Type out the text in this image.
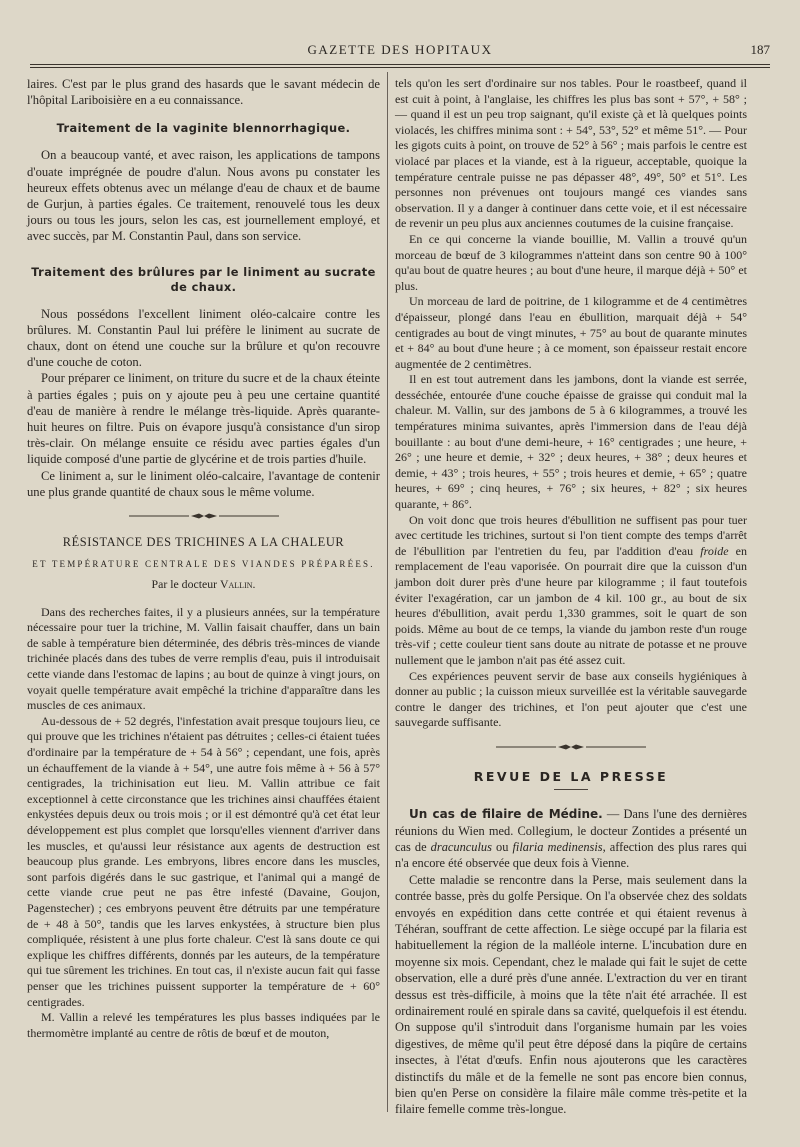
GAZETTE DES HOPITAUX	187

laires. C'est par le plus grand des hasards que le savant médecin de l'hôpital Lariboisière en a eu connaissance.

Traitement de la vaginite blennorrhagique.

On a beaucoup vanté, et avec raison, les applications de tampons d'ouate imprégnée de poudre d'alun. Nous avons pu constater les heureux effets obtenus avec un mélange d'eau de chaux et de baume de Gurjun, à parties égales. Ce traitement, renouvelé tous les deux jours ou tous les jours, selon les cas, est journellement employé, et avec succès, par M. Constantin Paul, dans son service.

Traitement des brûlures par le liniment au sucrate de chaux.

Nous possédons l'excellent liniment oléo-calcaire contre les brûlures. M. Constantin Paul lui préfère le liniment au sucrate de chaux, dont on étend une couche sur la brûlure et qu'on recouvre d'une couche de coton.

Pour préparer ce liniment, on triture du sucre et de la chaux éteinte à parties égales ; puis on y ajoute peu à peu une certaine quantité d'eau de manière à rendre le mélange très-liquide. Après quarante-huit heures on filtre. Puis on évapore jusqu'à consistance d'un sirop très-clair. On mélange ensuite ce résidu avec parties égales d'un liquide composé d'une partie de glycérine et de trois parties d'huile.

Ce liniment a, sur le liniment oléo-calcaire, l'avantage de contenir une plus grande quantité de chaux sous le même volume.

RÉSISTANCE DES TRICHINES A LA CHALEUR
ET TEMPÉRATURE CENTRALE DES VIANDES PRÉPARÉES.
Par le docteur Vallin.

Dans des recherches faites, il y a plusieurs années, sur la température nécessaire pour tuer la trichine, M. Vallin faisait chauffer, dans un bain de sable à température bien déterminée, des débris très-minces de viande trichinée placés dans des tubes de verre remplis d'eau, puis il introduisait cette viande dans l'estomac de lapins ; au bout de quinze à vingt jours, on voyait quelle température avait empêché la trichine d'apparaître dans les muscles de ces animaux.

Au-dessous de + 52 degrés, l'infestation avait presque toujours lieu, ce qui prouve que les trichines n'étaient pas détruites ; celles-ci étaient tuées d'ordinaire par la température de + 54 à 56° ; cependant, une fois, après un échauffement de la viande à + 54°, une autre fois même à + 56 à 57° centigrades, la trichinisation eut lieu. M. Vallin attribue ce fait exceptionnel à cette circonstance que les trichines ainsi chauffées étaient enkystées depuis deux ou trois mois ; or il est démontré qu'à cet état leur développement est plus complet que lorsqu'elles viennent d'arriver dans les muscles, et qu'aussi leur résistance aux agents de destruction est beaucoup plus grande. Les embryons, libres encore dans les muscles, sont parfois digérés dans le suc gastrique, et l'animal qui a mangé de cette viande crue peut ne pas être infesté (Davaine, Goujon, Pagenstecher) ; ces embryons peuvent être détruits par une température de + 48 à 50°, tandis que les larves enkystées, à structure bien plus compliquée, résistent à une plus forte chaleur. C'est là sans doute ce qui explique les chiffres différents, donnés par les auteurs, de la température qui tue sûrement les trichines. En tout cas, il n'existe aucun fait qui fasse penser que les trichines puissent supporter la température de + 60° centigrades.

M. Vallin a relevé les températures les plus basses indiquées par le thermomètre implanté au centre de rôtis de bœuf et de mouton,

tels qu'on les sert d'ordinaire sur nos tables. Pour le roastbeef, quand il est cuit à point, à l'anglaise, les chiffres les plus bas sont + 57°, + 58° ; — quand il est un peu trop saignant, qu'il existe çà et là quelques points violacés, les chiffres minima sont : + 54°, 53°, 52° et même 51°. — Pour les gigots cuits à point, on trouve de 52° à 56° ; mais parfois le centre est violacé par places et la viande, est à la rigueur, acceptable, quoique la température centrale puisse ne pas dépasser 48°, 49°, 50° et 51°. Les personnes non prévenues ont toujours mangé ces viandes sans observation. Il y a danger à continuer dans cette voie, et il est nécessaire de revenir un peu plus aux anciennes coutumes de la cuisine française.

En ce qui concerne la viande bouillie, M. Vallin a trouvé qu'un morceau de bœuf de 3 kilogrammes n'atteint dans son centre 90 à 100° qu'au bout de quatre heures ; au bout d'une heure, il marque déjà + 50° et plus.

Un morceau de lard de poitrine, de 1 kilogramme et de 4 centimètres d'épaisseur, plongé dans l'eau en ébullition, marquait déjà + 54° centigrades au bout de vingt minutes, + 75° au bout de quarante minutes et + 84° au bout d'une heure ; à ce moment, son épaisseur restait encore augmentée de 2 centimètres.

Il en est tout autrement dans les jambons, dont la viande est serrée, desséchée, entourée d'une couche épaisse de graisse qui conduit mal la chaleur. M. Vallin, sur des jambons de 5 à 6 kilogrammes, a trouvé les températures minima suivantes, après l'immersion dans de l'eau déjà bouillante : au bout d'une demi-heure, + 16° centigrades ; une heure, + 26° ; une heure et demie, + 32° ; deux heures, + 38° ; deux heures et demie, + 43° ; trois heures, + 55° ; trois heures et demie, + 65° ; quatre heures, + 69° ; cinq heures, + 76° ; six heures, + 82° ; six heures quarante, + 86°.

On voit donc que trois heures d'ébullition ne suffisent pas pour tuer avec certitude les trichines, surtout si l'on tient compte des temps d'arrêt de l'ébullition par l'entretien du feu, par l'addition d'eau froide en remplacement de l'eau vaporisée. On pourrait dire que la cuisson d'un jambon doit durer près d'une heure par kilogramme ; il faut toutefois éviter l'exagération, car un jambon de 4 kil. 100 gr., au bout de six heures d'ébullition, avait perdu 1,330 grammes, soit le quart de son poids. Même au bout de ce temps, la viande du jambon reste d'un rouge très-vif ; cette couleur tient sans doute au nitrate de potasse et ne prouve nullement que le jambon n'ait pas été assez cuit.

Ces expériences peuvent servir de base aux conseils hygiéniques à donner au public ; la cuisson mieux surveillée est la véritable sauvegarde contre le danger des trichines, et l'on peut ajouter que c'est une sauvegarde suffisante.

REVUE DE LA PRESSE

Un cas de filaire de Médine. — Dans l'une des dernières réunions du Wien med. Collegium, le docteur Zontides a présenté un cas de dracunculus ou filaria medinensis, affection des plus rares qui n'a encore été observée que deux fois à Vienne.

Cette maladie se rencontre dans la Perse, mais seulement dans la contrée basse, près du golfe Persique. On l'a observée chez des soldats envoyés en expédition dans cette contrée et qui étaient revenus à Téhéran, souffrant de cette affection. Le siège occupé par la filaria est habituellement la région de la malléole interne. L'incubation dure en moyenne six mois. Cependant, chez le malade qui fait le sujet de cette observation, elle a duré près d'une année. L'extraction du ver en tirant dessus est très-difficile, à moins que la tête n'ait été arrachée. Il est ordinairement roulé en spirale dans sa cavité, quelquefois il est étendu. On suppose qu'il s'introduit dans l'organisme humain par les voies digestives, de même qu'il peut être déposé dans la piqûre de certains insectes, à l'état d'œufs. Enfin nous ajouterons que les caractères distinctifs du mâle et de la femelle ne sont pas encore bien connus, bien qu'en Perse on considère la filaire mâle comme très-petite et la filaire femelle comme très-longue.
